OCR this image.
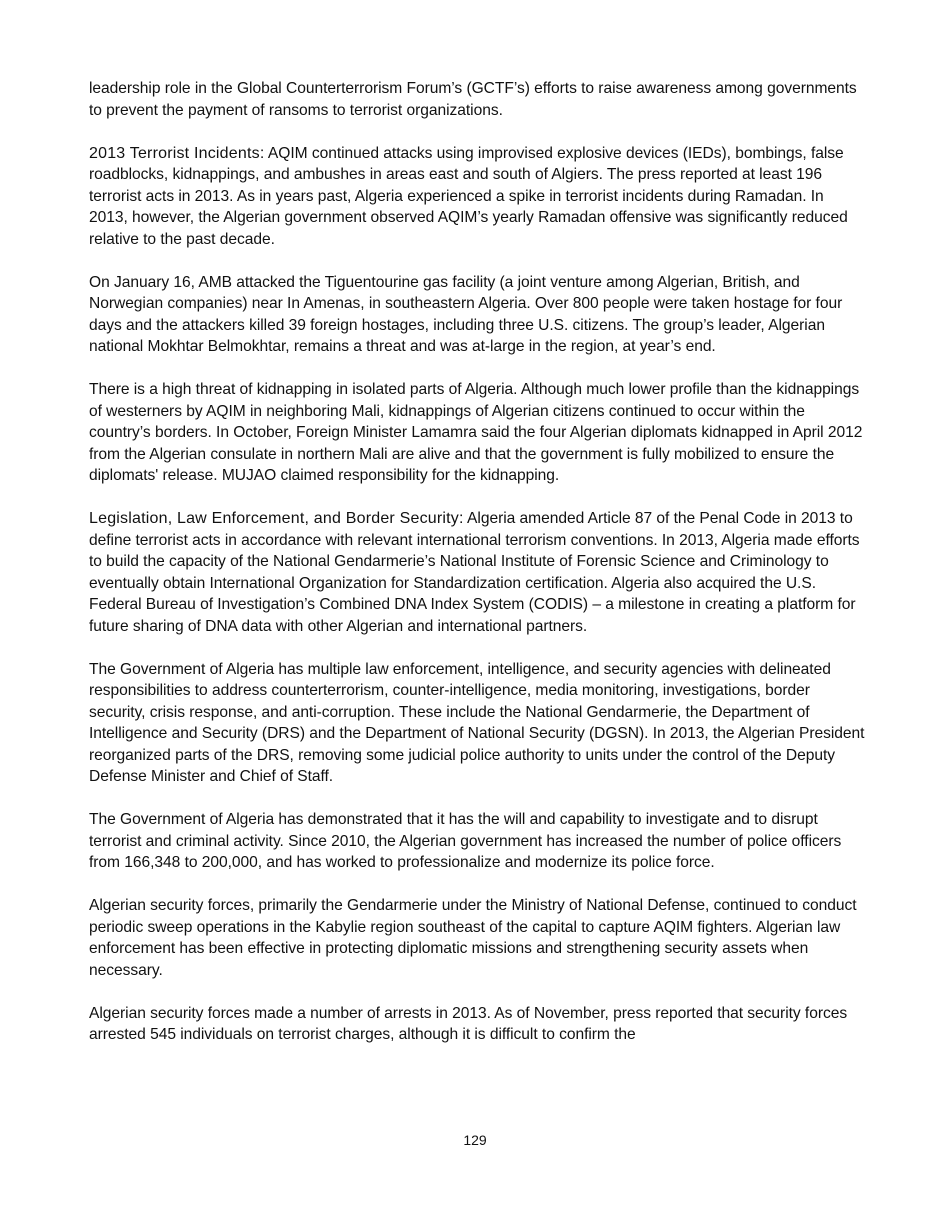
leadership role in the Global Counterterrorism Forum’s (GCTF’s) efforts to raise awareness among governments to prevent the payment of ransoms to terrorist organizations.

2013 Terrorist Incidents: AQIM continued attacks using improvised explosive devices (IEDs), bombings, false roadblocks, kidnappings, and ambushes in areas east and south of Algiers. The press reported at least 196 terrorist acts in 2013. As in years past, Algeria experienced a spike in terrorist incidents during Ramadan. In 2013, however, the Algerian government observed AQIM’s yearly Ramadan offensive was significantly reduced relative to the past decade.

On January 16, AMB attacked the Tiguentourine gas facility (a joint venture among Algerian, British, and Norwegian companies) near In Amenas, in southeastern Algeria. Over 800 people were taken hostage for four days and the attackers killed 39 foreign hostages, including three U.S. citizens. The group’s leader, Algerian national Mokhtar Belmokhtar, remains a threat and was at-large in the region, at year’s end.

There is a high threat of kidnapping in isolated parts of Algeria. Although much lower profile than the kidnappings of westerners by AQIM in neighboring Mali, kidnappings of Algerian citizens continued to occur within the country’s borders. In October, Foreign Minister Lamamra said the four Algerian diplomats kidnapped in April 2012 from the Algerian consulate in northern Mali are alive and that the government is fully mobilized to ensure the diplomats' release. MUJAO claimed responsibility for the kidnapping.

Legislation, Law Enforcement, and Border Security: Algeria amended Article 87 of the Penal Code in 2013 to define terrorist acts in accordance with relevant international terrorism conventions. In 2013, Algeria made efforts to build the capacity of the National Gendarmerie’s National Institute of Forensic Science and Criminology to eventually obtain International Organization for Standardization certification. Algeria also acquired the U.S. Federal Bureau of Investigation’s Combined DNA Index System (CODIS) – a milestone in creating a platform for future sharing of DNA data with other Algerian and international partners.

The Government of Algeria has multiple law enforcement, intelligence, and security agencies with delineated responsibilities to address counterterrorism, counter-intelligence, media monitoring, investigations, border security, crisis response, and anti-corruption. These include the National Gendarmerie, the Department of Intelligence and Security (DRS) and the Department of National Security (DGSN). In 2013, the Algerian President reorganized parts of the DRS, removing some judicial police authority to units under the control of the Deputy Defense Minister and Chief of Staff.

The Government of Algeria has demonstrated that it has the will and capability to investigate and to disrupt terrorist and criminal activity. Since 2010, the Algerian government has increased the number of police officers from 166,348 to 200,000, and has worked to professionalize and modernize its police force.

Algerian security forces, primarily the Gendarmerie under the Ministry of National Defense, continued to conduct periodic sweep operations in the Kabylie region southeast of the capital to capture AQIM fighters. Algerian law enforcement has been effective in protecting diplomatic missions and strengthening security assets when necessary.

Algerian security forces made a number of arrests in 2013. As of November, press reported that security forces arrested 545 individuals on terrorist charges, although it is difficult to confirm the

129
